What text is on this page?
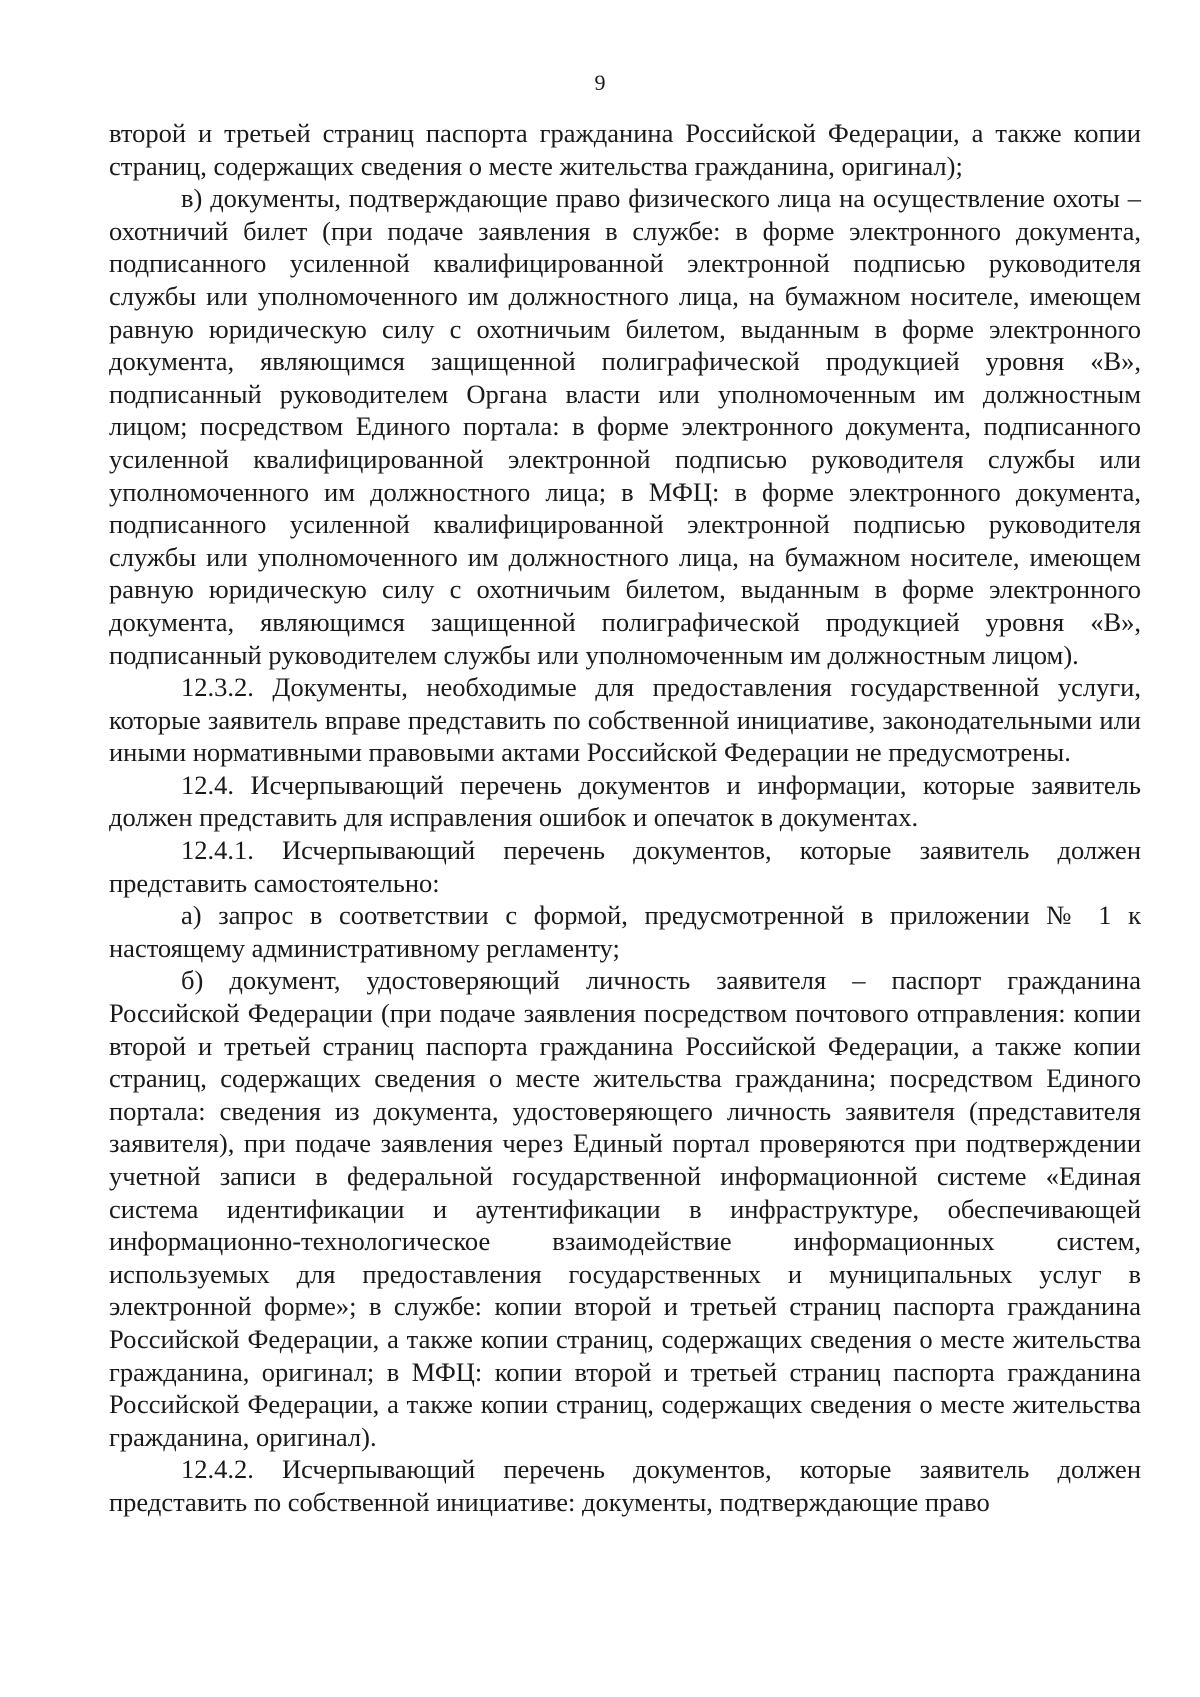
9

второй и третьей страниц паспорта гражданина Российской Федерации, а также копии страниц, содержащих сведения о месте жительства гражданина, оригинал);

в) документы, подтверждающие право физического лица на осуществление охоты – охотничий билет (при подаче заявления в службе: в форме электронного документа, подписанного усиленной квалифицированной электронной подписью руководителя службы или уполномоченного им должностного лица, на бумажном носителе, имеющем равную юридическую силу с охотничьим билетом, выданным в форме электронного документа, являющимся защищенной полиграфической продукцией уровня «В», подписанный руководителем Органа власти или уполномоченным им должностным лицом; посредством Единого портала: в форме электронного документа, подписанного усиленной квалифицированной электронной подписью руководителя службы или уполномоченного им должностного лица; в МФЦ: в форме электронного документа, подписанного усиленной квалифицированной электронной подписью руководителя службы или уполномоченного им должностного лица, на бумажном носителе, имеющем равную юридическую силу с охотничьим билетом, выданным в форме электронного документа, являющимся защищенной полиграфической продукцией уровня «В», подписанный руководителем службы или уполномоченным им должностным лицом).

12.3.2. Документы, необходимые для предоставления государственной услуги, которые заявитель вправе представить по собственной инициативе, законодательными или иными нормативными правовыми актами Российской Федерации не предусмотрены.

12.4. Исчерпывающий перечень документов и информации, которые заявитель должен представить для исправления ошибок и опечаток в документах.

12.4.1. Исчерпывающий перечень документов, которые заявитель должен представить самостоятельно:

а) запрос в соответствии с формой, предусмотренной в приложении № 1 к настоящему административному регламенту;

б) документ, удостоверяющий личность заявителя – паспорт гражданина Российской Федерации (при подаче заявления посредством почтового отправления: копии второй и третьей страниц паспорта гражданина Российской Федерации, а также копии страниц, содержащих сведения о месте жительства гражданина; посредством Единого портала: сведения из документа, удостоверяющего личность заявителя (представителя заявителя), при подаче заявления через Единый портал проверяются при подтверждении учетной записи в федеральной государственной информационной системе «Единая система идентификации и аутентификации в инфраструктуре, обеспечивающей информационно-технологическое взаимодействие информационных систем, используемых для предоставления государственных и муниципальных услуг в электронной форме»; в службе: копии второй и третьей страниц паспорта гражданина Российской Федерации, а также копии страниц, содержащих сведения о месте жительства гражданина, оригинал; в МФЦ: копии второй и третьей страниц паспорта гражданина Российской Федерации, а также копии страниц, содержащих сведения о месте жительства гражданина, оригинал).

12.4.2. Исчерпывающий перечень документов, которые заявитель должен представить по собственной инициативе: документы, подтверждающие право
